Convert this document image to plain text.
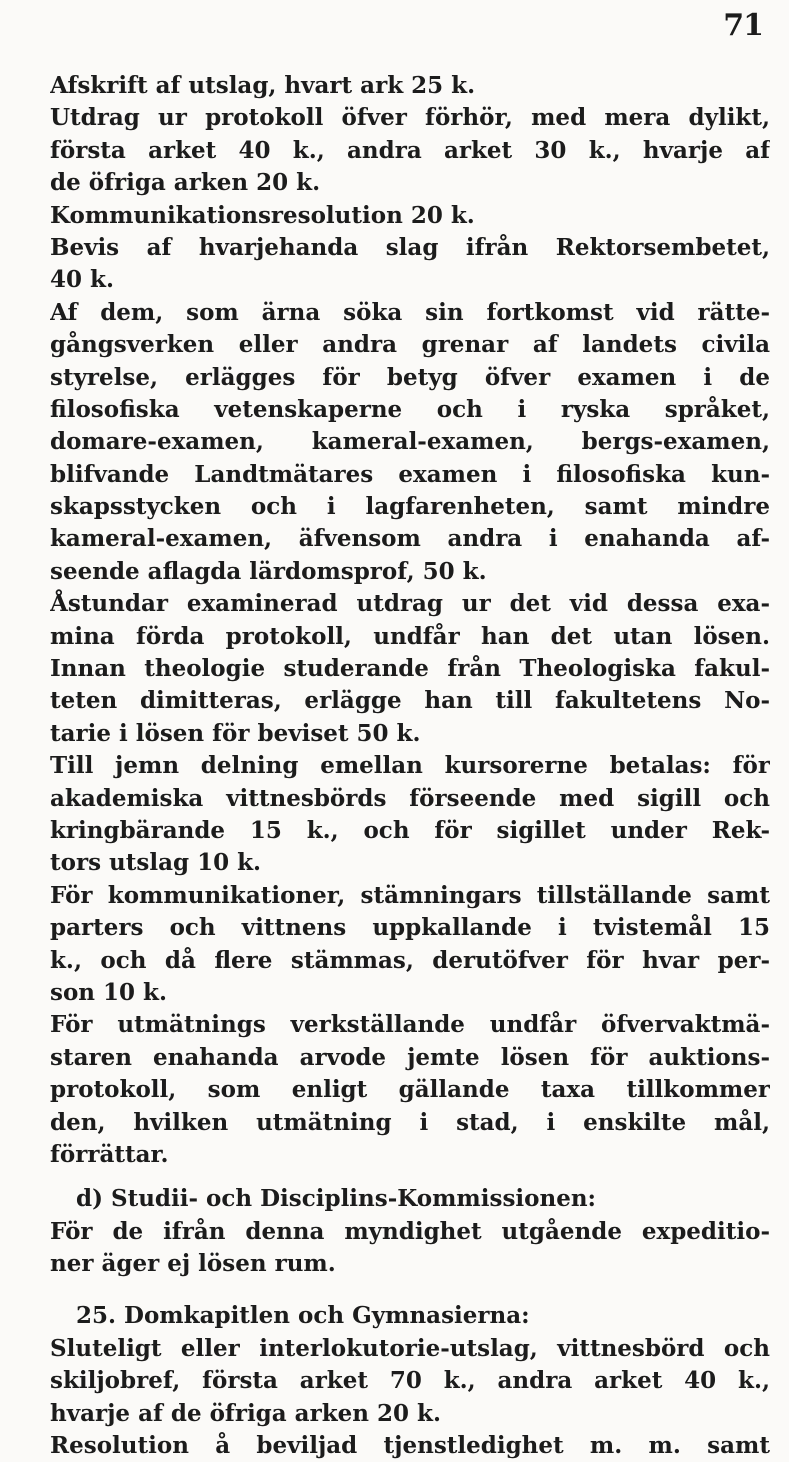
71
Afskrift af utslag, hvart ark 25 k.
Utdrag ur protokoll öfver förhör, med mera dylikt,
första arket 40 k., andra arket 30 k., hvarje af
de öfriga arken 20 k.
Kommunikationsresolution 20 k.
Bevis af hvarjehanda slag ifrån Rektorsembetet,
40 k.
Af dem, som ärna söka sin fortkomst vid rätte-
gångsverken eller andra grenar af landets civila
styrelse, erlägges för betyg öfver examen i de
filosofiska vetenskaperne och i ryska språket,
domare-examen, kameral-examen, bergs-examen,
blifvande Landtmätares examen i filosofiska kun-
skapsstycken och i lagfarenheten, samt mindre
kameral-examen, äfvensom andra i enahanda af-
seende aflagda lärdomsprof, 50 k.
Åstundar examinerad utdrag ur det vid dessa exa-
mina förda protokoll, undfår han det utan lösen.
Innan theologie studerande från Theologiska fakul-
teten dimitteras, erlägge han till fakultetens No-
tarie i lösen för beviset 50 k.
Till jemn delning emellan kursorerne betalas: för
akademiska vittnesbörds förseende med sigill och
kringbärande 15 k., och för sigillet under Rek-
tors utslag 10 k.
För kommunikationer, stämningars tillställande samt
parters och vittnens uppkallande i tvistemål 15
k., och då flere stämmas, derutöfver för hvar per-
son 10 k.
För utmätnings verkställande undfår öfvervaktmä-
staren enahanda arvode jemte lösen för auktions-
protokoll, som enligt gällande taxa tillkommer
den, hvilken utmätning i stad, i enskilte mål,
förrättar.
d) Studii- och Disciplins-Kommissionen:
För de ifrån denna myndighet utgående expeditio-
ner äger ej lösen rum.
25. Domkapitlen och Gymnasierna:
Sluteligt eller interlokutorie-utslag, vittnesbörd och
skiljobref, första arket 70 k., andra arket 40 k.,
hvarje af de öfriga arken 20 k.
Resolution å beviljad tjenstledighet m. m. samt
